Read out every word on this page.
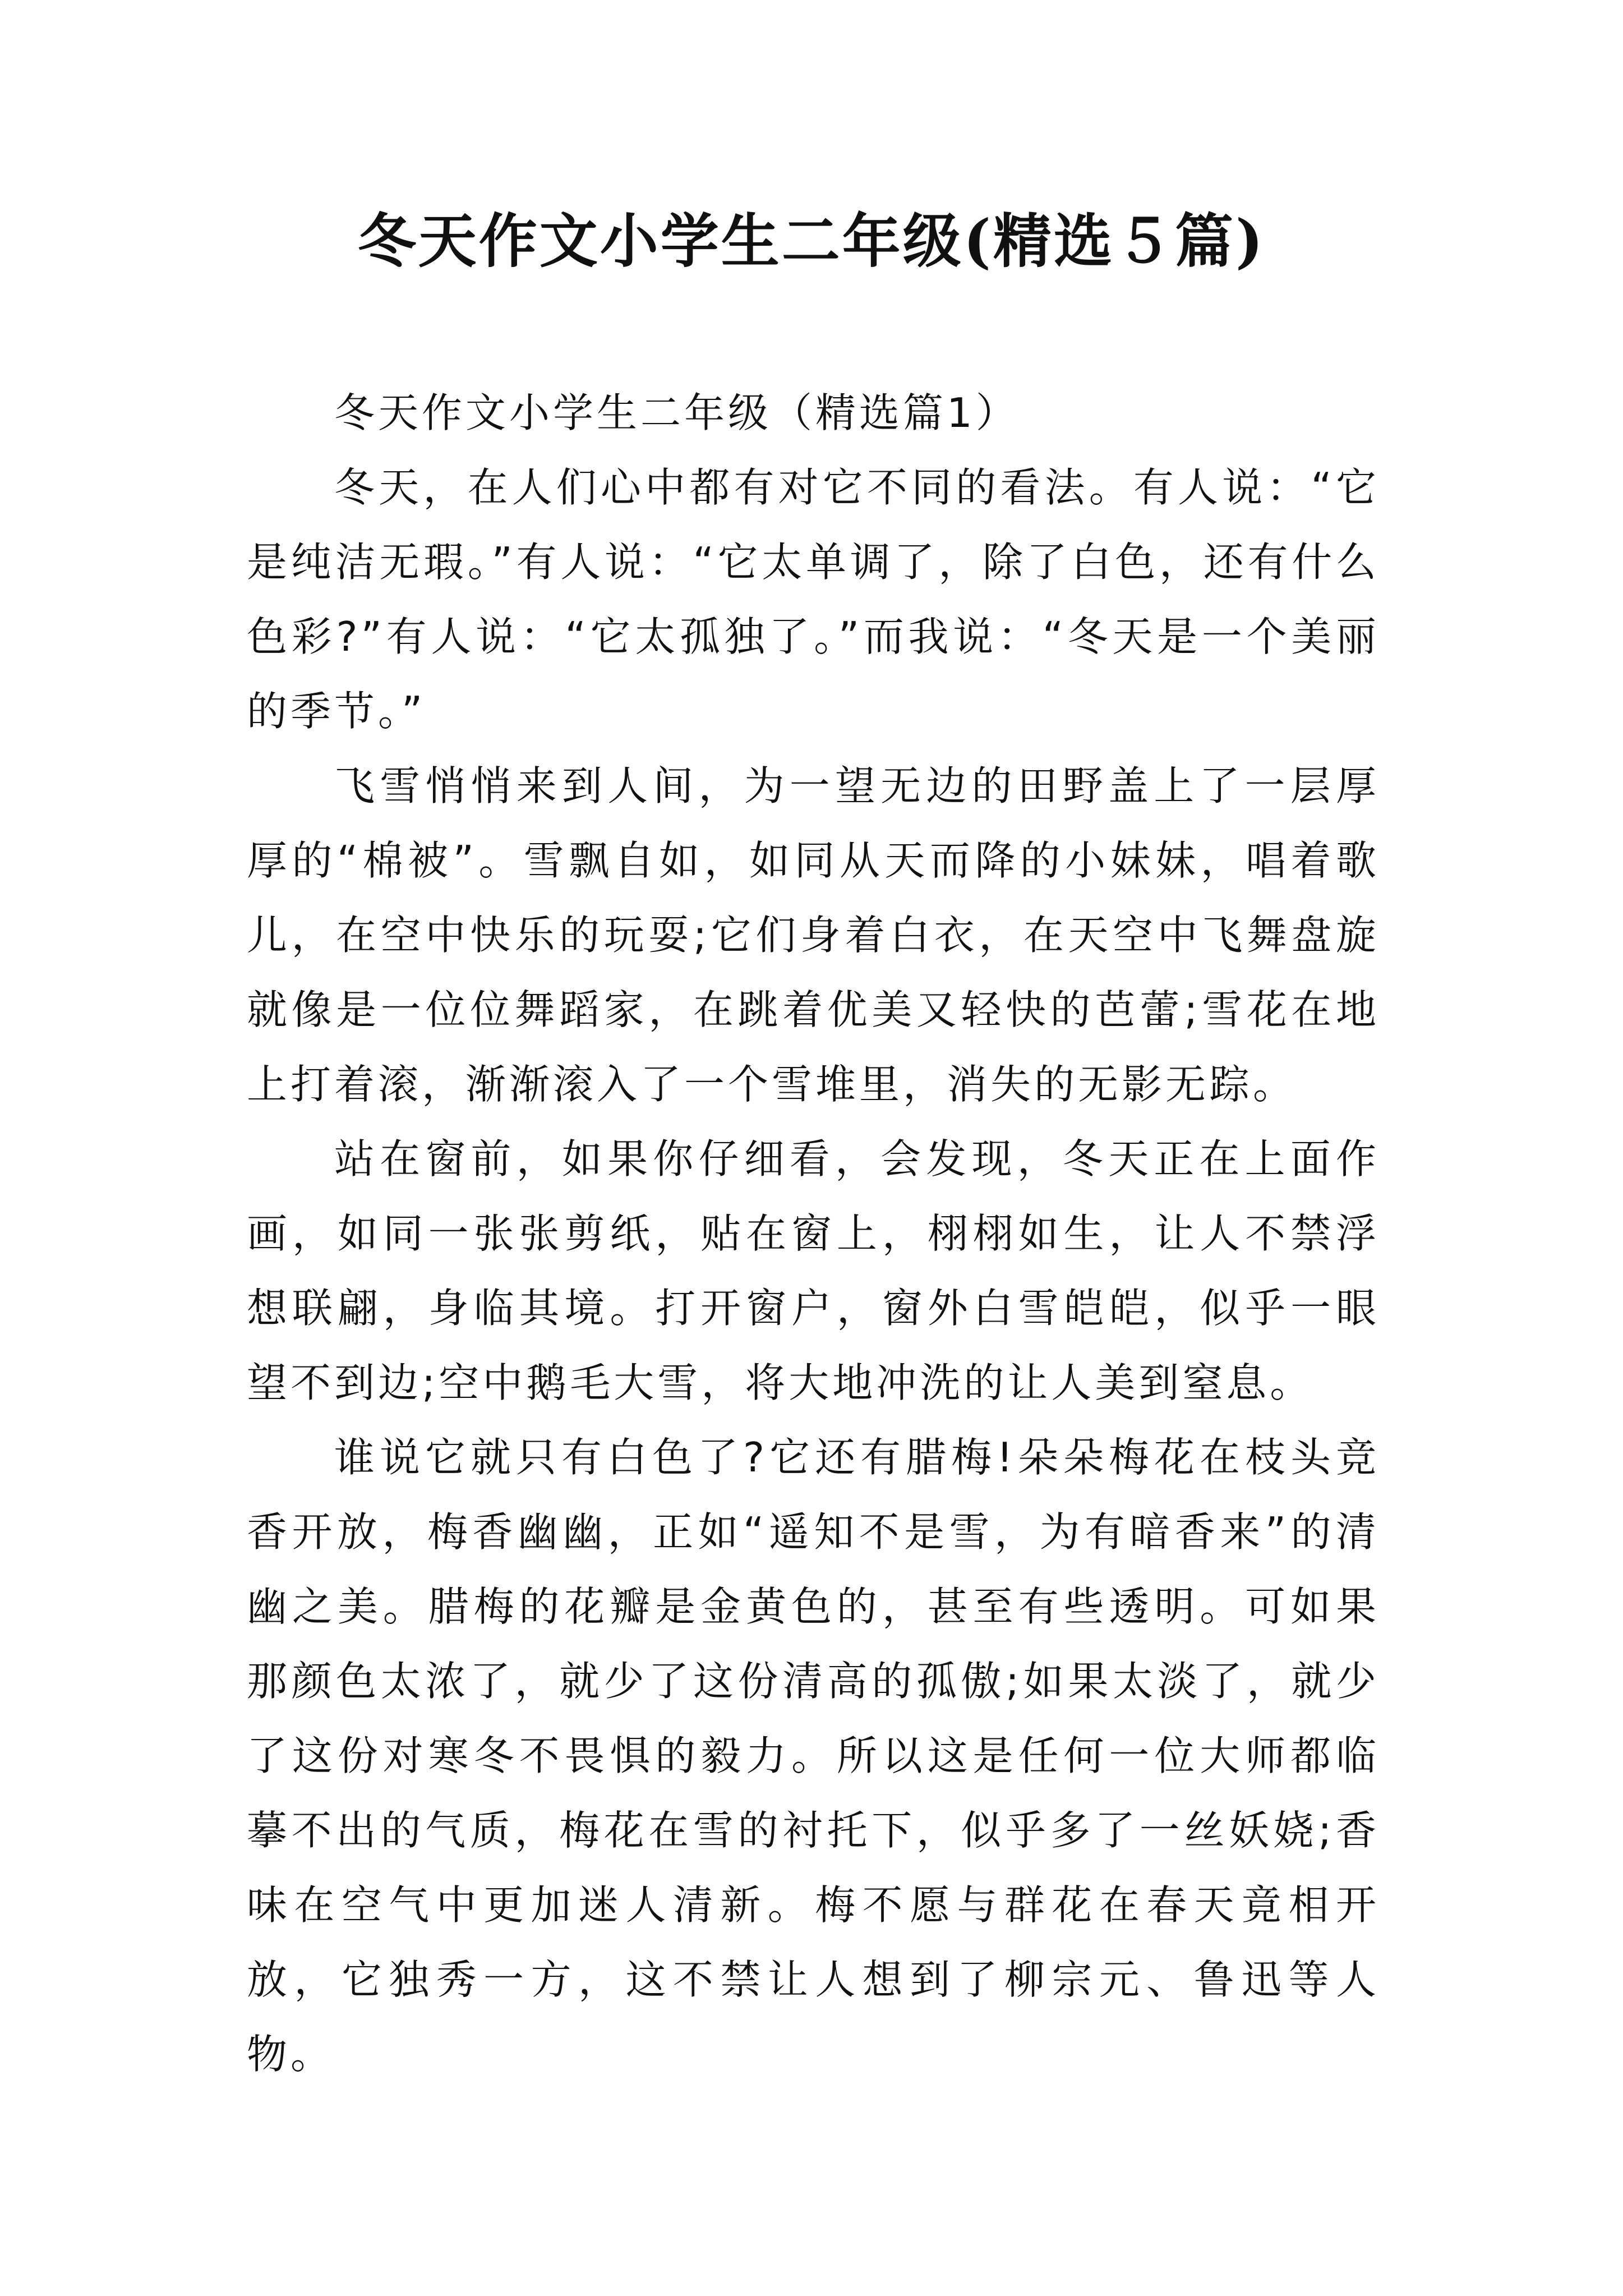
冬天作文小学生二年级(精选５篇)

冬天作文小学生二年级（精选篇1）

冬天，在人们心中都有对它不同的看法。有人说：“它是纯洁无瑕。”有人说：“它太单调了，除了白色，还有什么色彩?”有人说：“它太孤独了。”而我说：“冬天是一个美丽的季节。”

飞雪悄悄来到人间，为一望无边的田野盖上了一层厚厚的“棉被”。雪飘自如，如同从天而降的小妹妹，唱着歌儿，在空中快乐的玩耍;它们身着白衣，在天空中飞舞盘旋就像是一位位舞蹈家，在跳着优美又轻快的芭蕾;雪花在地上打着滚，渐渐滚入了一个雪堆里，消失的无影无踪。

站在窗前，如果你仔细看，会发现，冬天正在上面作画，如同一张张剪纸，贴在窗上，栩栩如生，让人不禁浮想联翩，身临其境。打开窗户，窗外白雪皑皑，似乎一眼望不到边;空中鹅毛大雪，将大地冲洗的让人美到窒息。

谁说它就只有白色了?它还有腊梅!朵朵梅花在枝头竞香开放，梅香幽幽，正如“遥知不是雪，为有暗香来”的清幽之美。腊梅的花瓣是金黄色的，甚至有些透明。可如果那颜色太浓了，就少了这份清高的孤傲;如果太淡了，就少了这份对寒冬不畏惧的毅力。所以这是任何一位大师都临摹不出的气质，梅花在雪的衬托下，似乎多了一丝妖娆;香味在空气中更加迷人清新。梅不愿与群花在春天竟相开放，它独秀一方，这不禁让人想到了柳宗元、鲁迅等人物。
